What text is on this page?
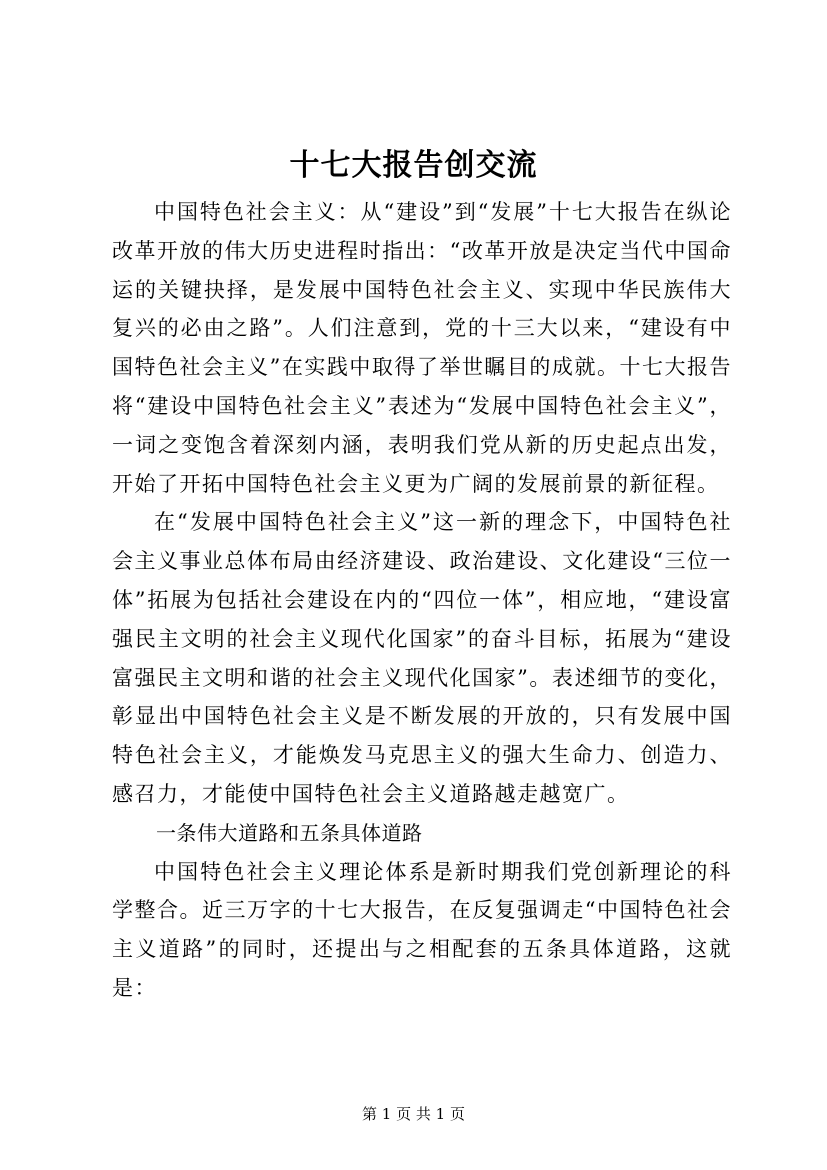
十七大报告创交流

中国特色社会主义：从“建设”到“发展”十七大报告在纵论改革开放的伟大历史进程时指出：“改革开放是决定当代中国命运的关键抉择，是发展中国特色社会主义、实现中华民族伟大复兴的必由之路”。人们注意到，党的十三大以来，“建设有中国特色社会主义”在实践中取得了举世瞩目的成就。十七大报告将“建设中国特色社会主义”表述为“发展中国特色社会主义”，一词之变饱含着深刻内涵，表明我们党从新的历史起点出发，开始了开拓中国特色社会主义更为广阔的发展前景的新征程。

在“发展中国特色社会主义”这一新的理念下，中国特色社会主义事业总体布局由经济建设、政治建设、文化建设“三位一体”拓展为包括社会建设在内的“四位一体”，相应地，“建设富强民主文明的社会主义现代化国家”的奋斗目标，拓展为“建设富强民主文明和谐的社会主义现代化国家”。表述细节的变化，彰显出中国特色社会主义是不断发展的开放的，只有发展中国特色社会主义，才能焕发马克思主义的强大生命力、创造力、感召力，才能使中国特色社会主义道路越走越宽广。

一条伟大道路和五条具体道路

中国特色社会主义理论体系是新时期我们党创新理论的科学整合。近三万字的十七大报告，在反复强调走“中国特色社会主义道路”的同时，还提出与之相配套的五条具体道路，这就是：

第 1 页 共 1 页
